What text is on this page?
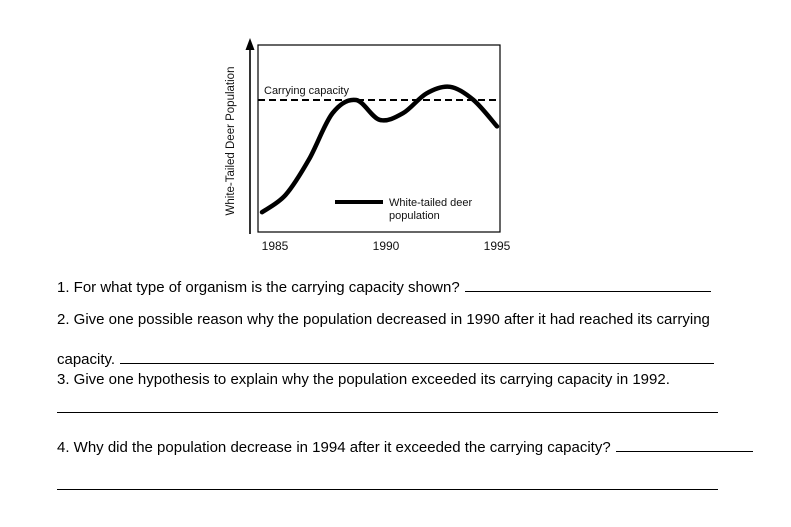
White-Tailed Deer Population Carrying capacity
White-tailed deer
population
1985	1990	1995
1. For what type of organism is the carrying capacity shown?
2. Give one possible reason why the population decreased in 1990 after it had reached its carrying
capacity.
3. Give one hypothesis to explain why the population exceeded its carrying capacity in 1992.
4. Why did the population decrease in 1994 after it exceeded the carrying capacity?
